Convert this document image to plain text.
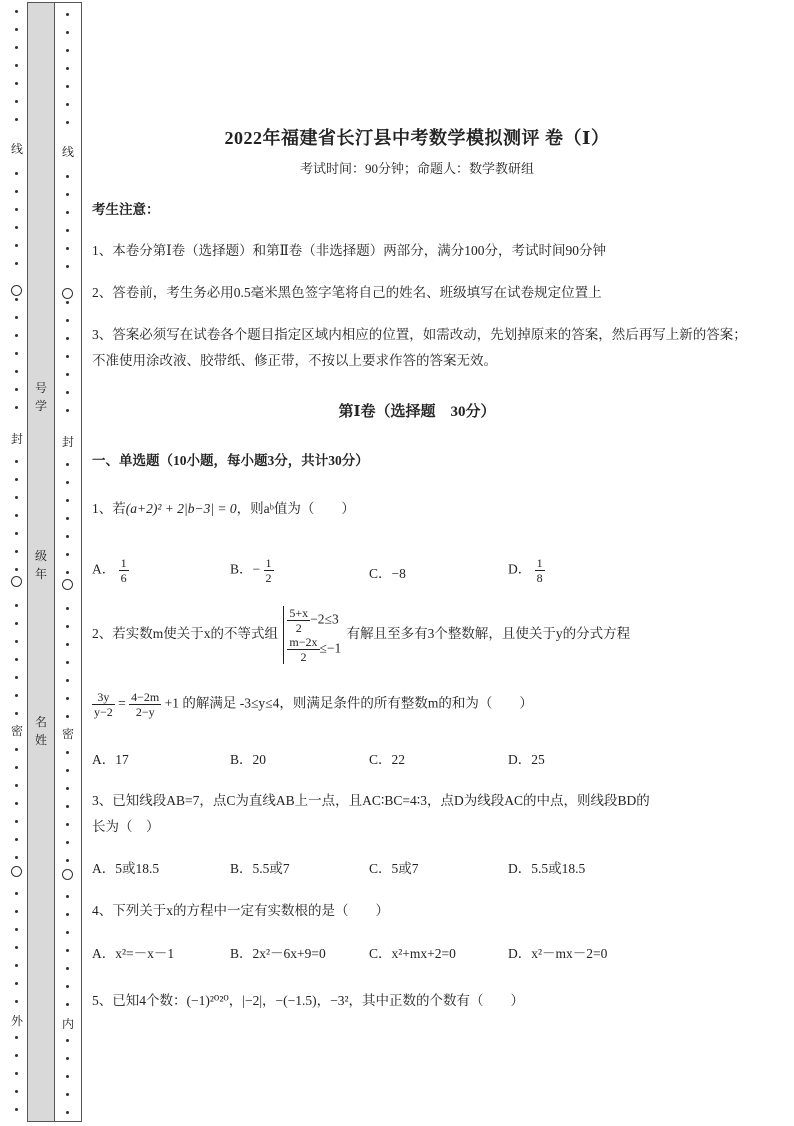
线
封
密
外
号
学
级
年
名
姓
线
封
密
内
2022年福建省长汀县中考数学模拟测评 卷（Ⅰ）
考试时间：90分钟；命题人：数学教研组
考生注意：
1、本卷分第Ⅰ卷（选择题）和第Ⅱ卷（非选择题）两部分，满分100分，考试时间90分钟
2、答卷前，考生务必用0.5毫米黑色签字笔将自己的姓名、班级填写在试卷规定位置上
3、答案必须写在试卷各个题目指定区域内相应的位置，如需改动，先划掉原来的答案，然后再写上新的答案；不准使用涂改液、胶带纸、修正带，不按以上要求作答的答案无效。
第Ⅰ卷（选择题　30分）
一、单选题（10小题，每小题3分，共计30分）
1、若(a+2)² + 2|b−3| = 0，则aᵇ值为（　　）
A． $\frac{1}{6}$	B．− $\frac{1}{2}$	C．−8	D． $\frac{1}{8}$
2、若实数m使关于x的不等式组 $\frac{5+x}{2} -2\le 3$
$\frac{m-2x}{2} \le-1$
有解且至多有3个整数解，且使关于y的分式方程
$\frac{3y}{y-2} = \frac{4-2m}{2-y} +1$ 的解满足 -3≤y≤4，则满足条件的所有整数m的和为（　　）
A．17	B．20	C．22	D．25
3、已知线段AB=7，点C为直线AB上一点，且AC∶BC=4∶3，点D为线段AC的中点，则线段BD的
长为（　）
A．5或18.5	B．5.5或7	C．5或7	D．5.5或18.5
4、下列关于x的方程中一定有实数根的是（　　）
A．x²=－x－1	B．2x²－6x+9=0	C．x²+mx+2=0	D．x²－mx－2=0
5、已知4个数：(−1)²⁰²⁰，|−2|，−(−1.5)，−3²，其中正数的个数有（　　）
